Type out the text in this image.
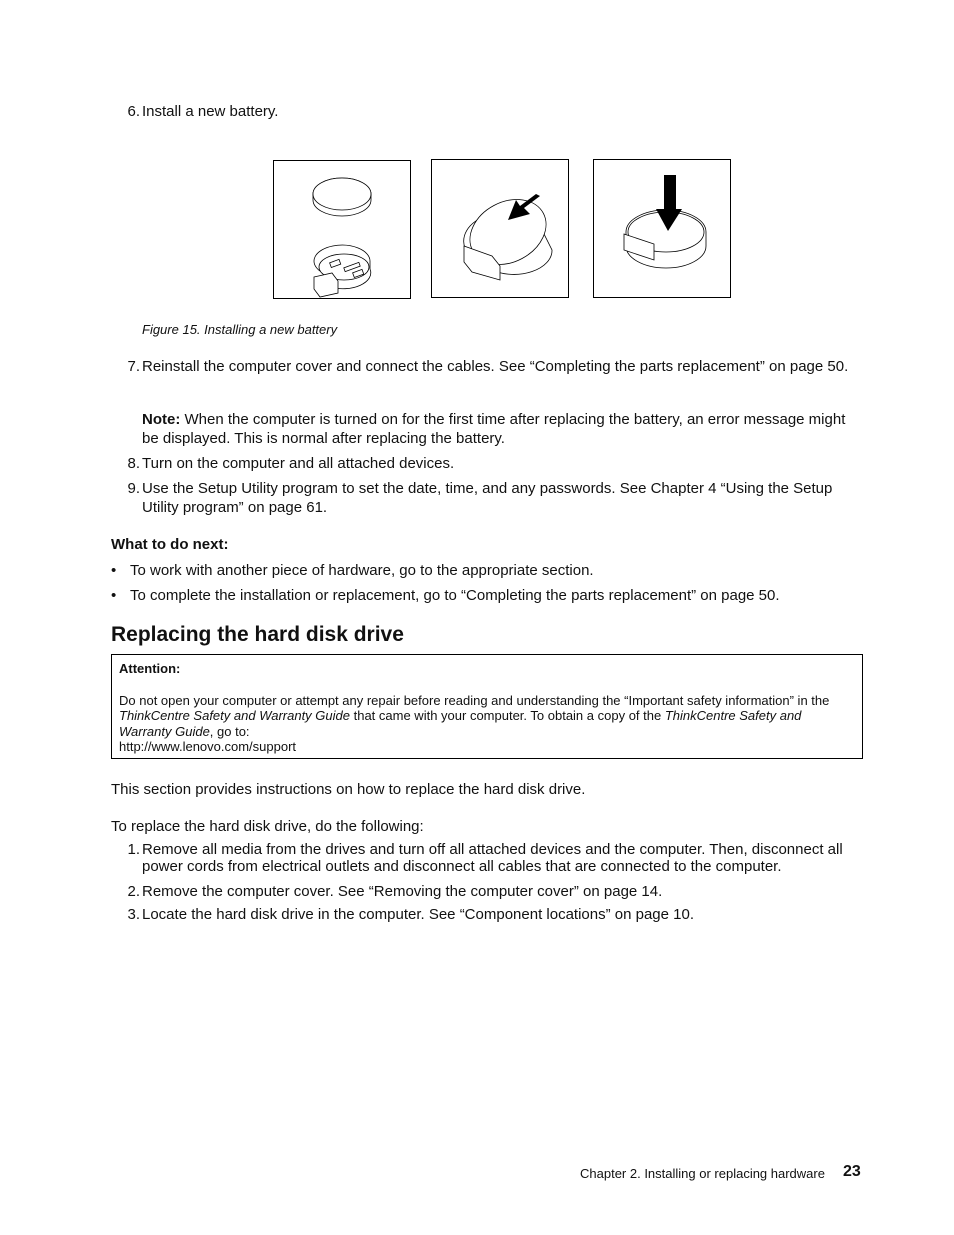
6. Install a new battery.
Figure 15. Installing a new battery
7. Reinstall the computer cover and connect the cables. See “Completing the parts replacement” on page 50.
Note: When the computer is turned on for the first time after replacing the battery, an error message might be displayed. This is normal after replacing the battery.
8. Turn on the computer and all attached devices.
9. Use the Setup Utility program to set the date, time, and any passwords. See Chapter 4 “Using the Setup Utility program” on page 61.
What to do next:
• To work with another piece of hardware, go to the appropriate section.
• To complete the installation or replacement, go to “Completing the parts replacement” on page 50.
Replacing the hard disk drive
Attention:
Do not open your computer or attempt any repair before reading and understanding the “Important safety information” in the ThinkCentre Safety and Warranty Guide that came with your computer. To obtain a copy of the ThinkCentre Safety and Warranty Guide, go to:
http://www.lenovo.com/support
This section provides instructions on how to replace the hard disk drive.
To replace the hard disk drive, do the following:
1. Remove all media from the drives and turn off all attached devices and the computer. Then, disconnect all power cords from electrical outlets and disconnect all cables that are connected to the computer.
2. Remove the computer cover. See “Removing the computer cover” on page 14.
3. Locate the hard disk drive in the computer. See “Component locations” on page 10.
Chapter 2. Installing or replacing hardware 23
